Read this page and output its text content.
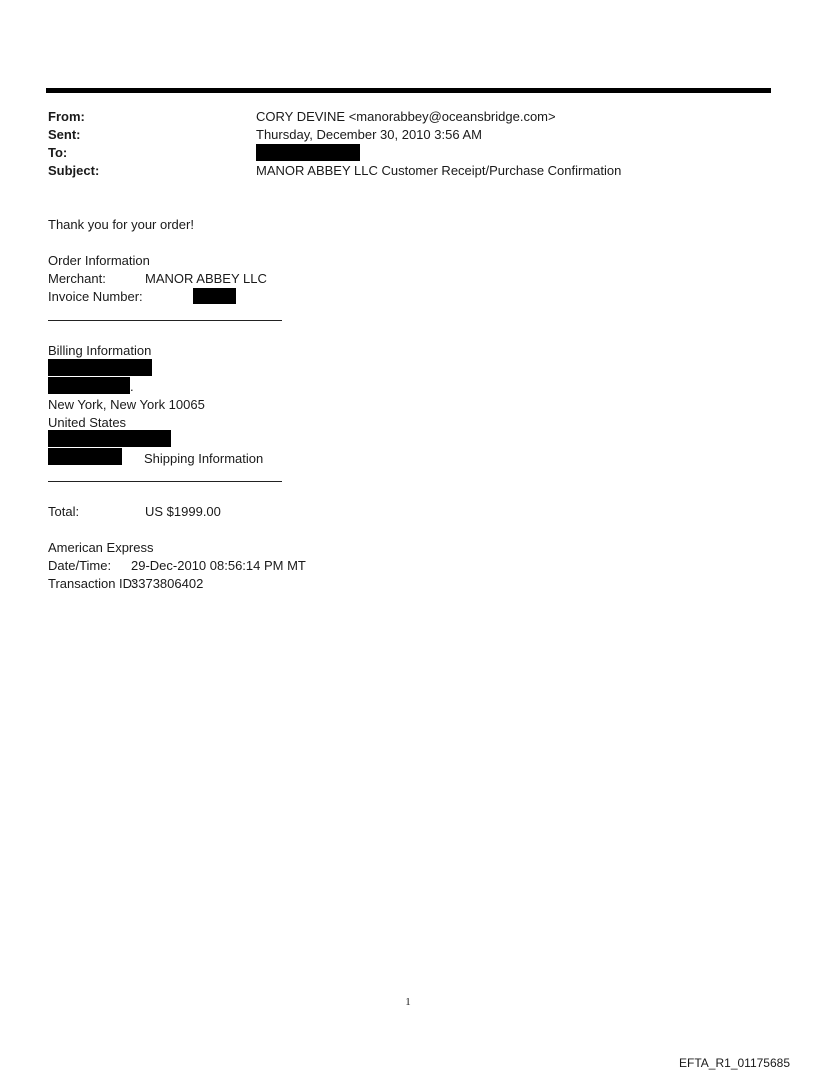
From:	CORY DEVINE <manorabbey@oceansbridge.com>
Sent:	Thursday, December 30, 2010 3:56 AM
To:
Subject:	MANOR ABBEY LLC Customer Receipt/Purchase Confirmation
Thank you for your order!
Order Information
Merchant:	MANOR ABBEY LLC
Invoice Number:
Billing Information
.
New York, New York 10065
United States
Shipping Information
Total:	US $1999.00
American Express
Date/Time: 29-Dec-2010 08:56:14 PM MT
Transaction ID:
3373806402
1
EFTA_R1_01175685
